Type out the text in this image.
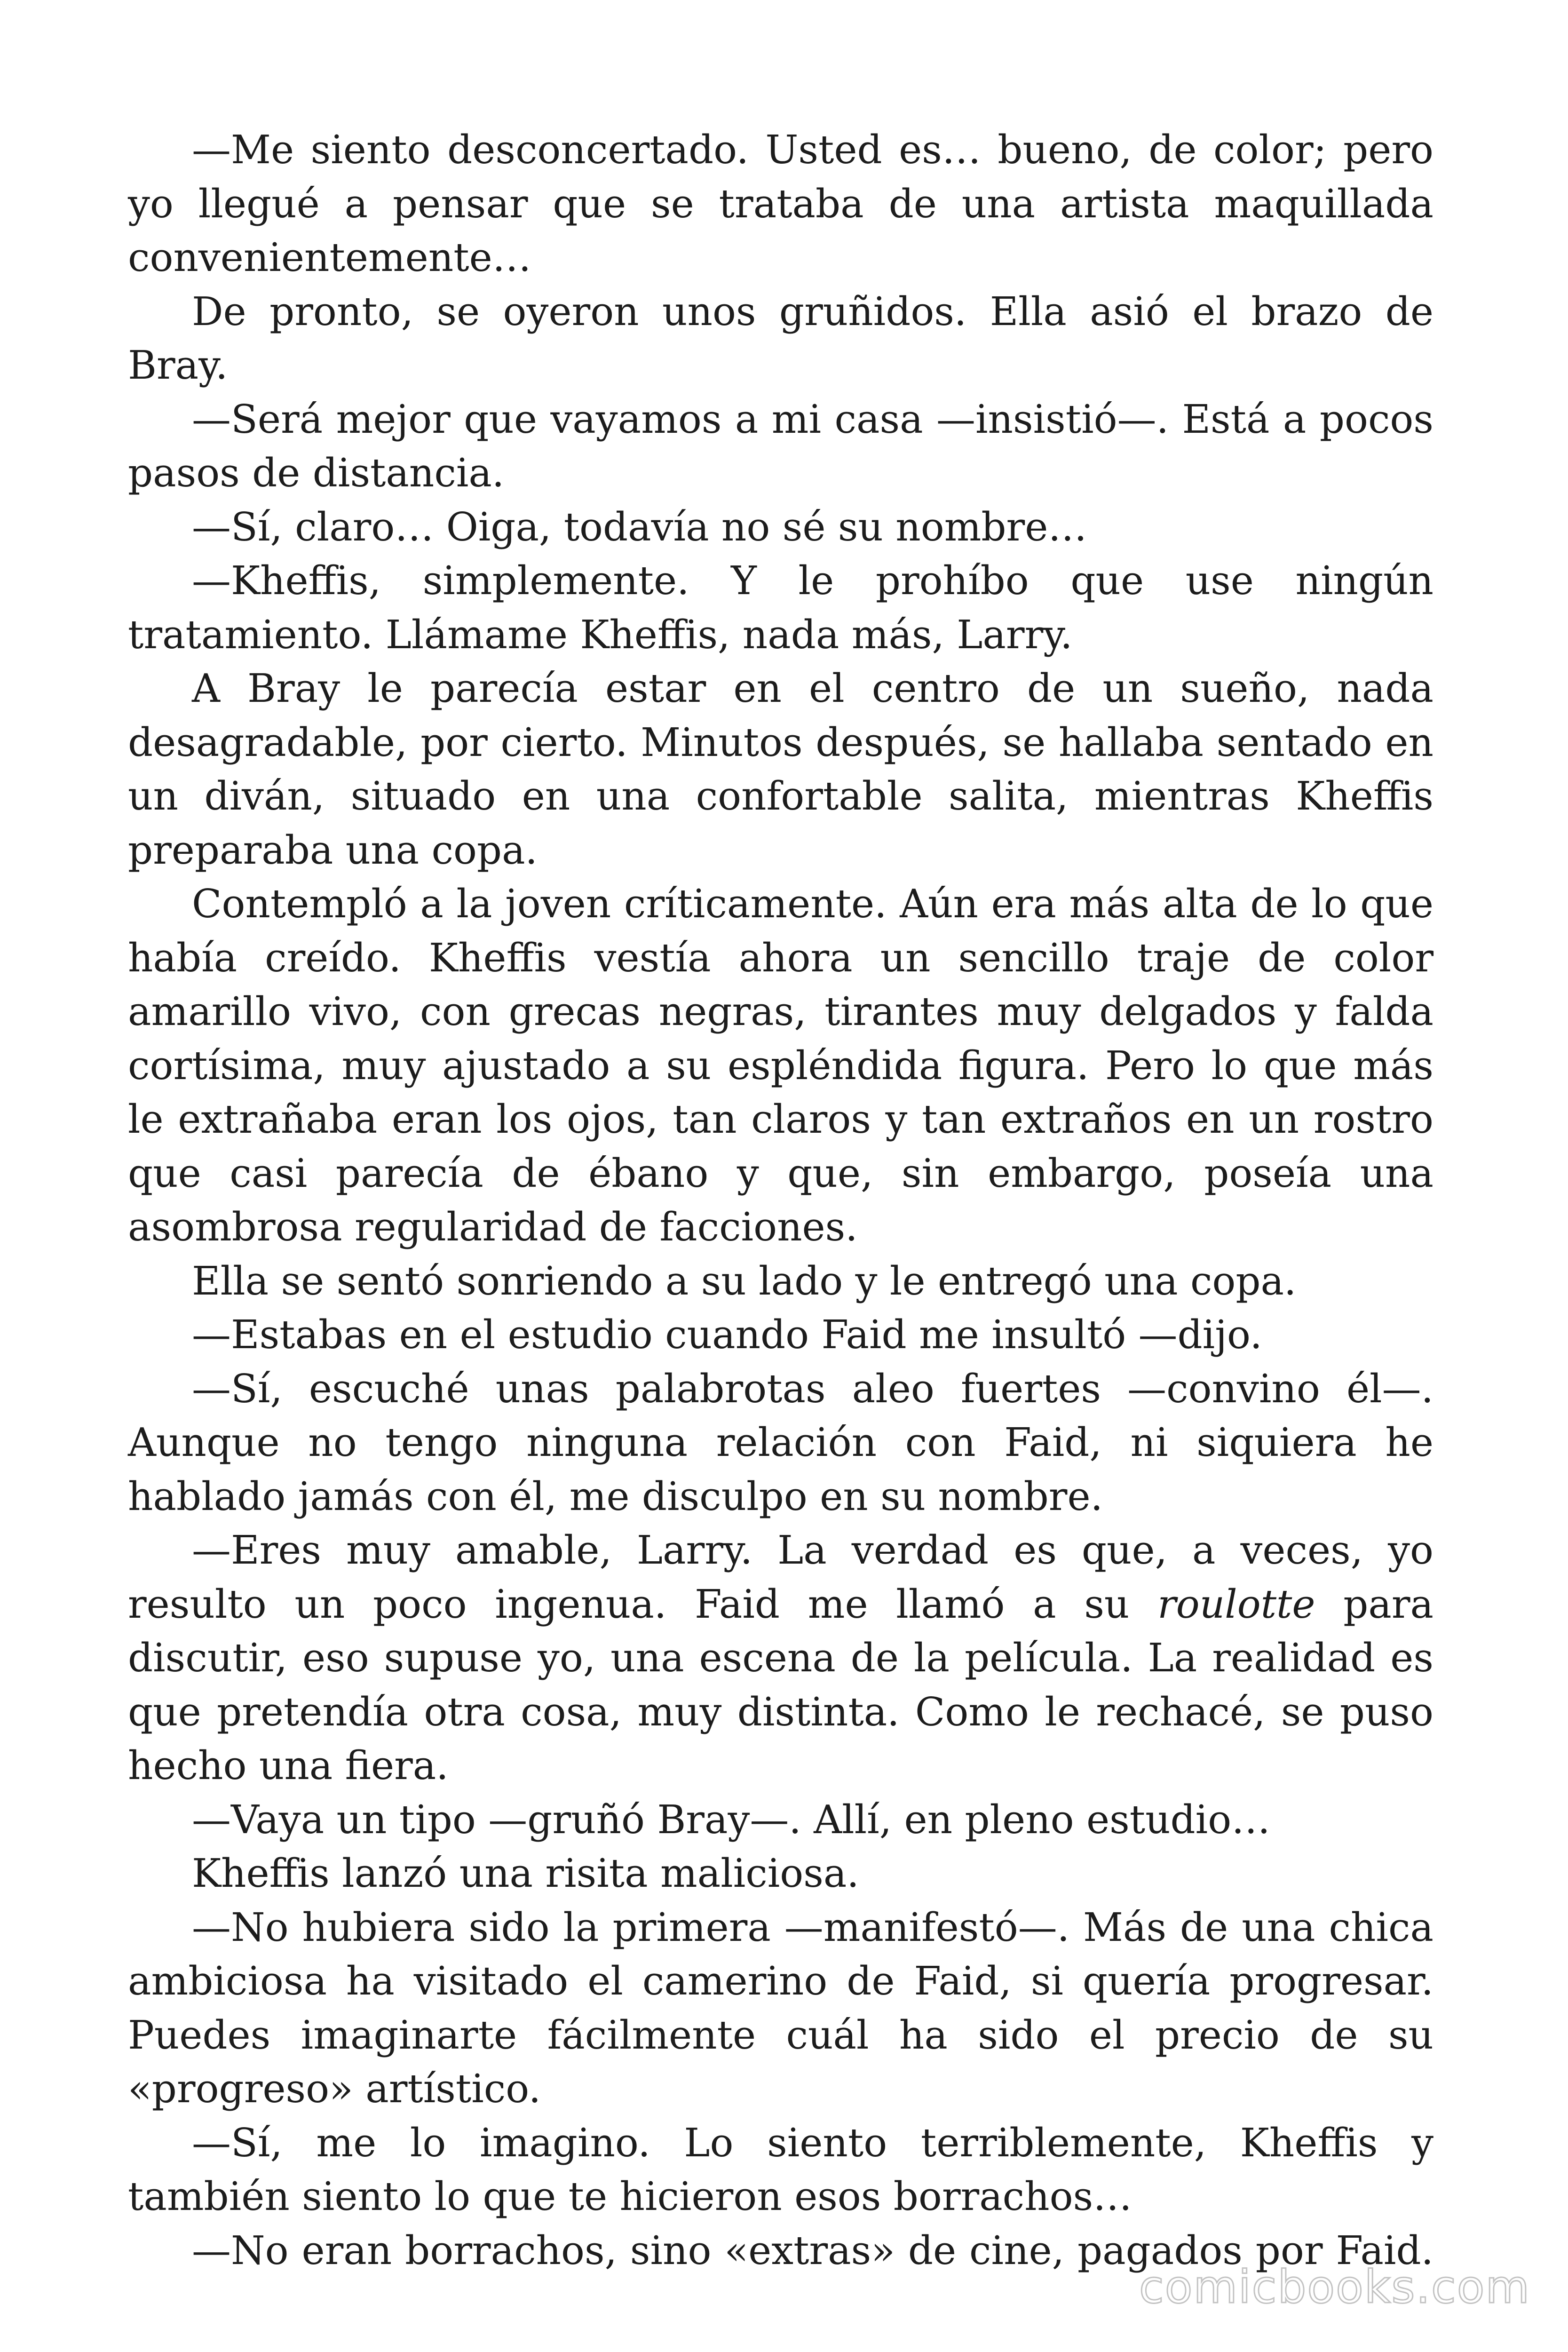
—Me siento desconcertado. Usted es… bueno, de color; pero yo llegué a pensar que se trataba de una artista maquillada convenientemente…

De pronto, se oyeron unos gruñidos. Ella asió el brazo de Bray.

—Será mejor que vayamos a mi casa —insistió—. Está a pocos pasos de distancia.

—Sí, claro… Oiga, todavía no sé su nombre…

—Kheffis, simplemente. Y le prohíbo que use ningún tratamiento. Llámame Kheffis, nada más, Larry.

A Bray le parecía estar en el centro de un sueño, nada desagradable, por cierto. Minutos después, se hallaba sentado en un diván, situado en una confortable salita, mientras Kheffis preparaba una copa.

Contempló a la joven críticamente. Aún era más alta de lo que había creído. Kheffis vestía ahora un sencillo traje de color amarillo vivo, con grecas negras, tirantes muy delgados y falda cortísima, muy ajustado a su espléndida figura. Pero lo que más le extrañaba eran los ojos, tan claros y tan extraños en un rostro que casi parecía de ébano y que, sin embargo, poseía una asombrosa regularidad de facciones.

Ella se sentó sonriendo a su lado y le entregó una copa.

—Estabas en el estudio cuando Faid me insultó —dijo.

—Sí, escuché unas palabrotas aleo fuertes —convino él—. Aunque no tengo ninguna relación con Faid, ni siquiera he hablado jamás con él, me disculpo en su nombre.

—Eres muy amable, Larry. La verdad es que, a veces, yo resulto un poco ingenua. Faid me llamó a su roulotte para discutir, eso supuse yo, una escena de la película. La realidad es que pretendía otra cosa, muy distinta. Como le rechacé, se puso hecho una fiera.

—Vaya un tipo —gruñó Bray—. Allí, en pleno estudio…

Kheffis lanzó una risita maliciosa.

—No hubiera sido la primera —manifestó—. Más de una chica ambiciosa ha visitado el camerino de Faid, si quería progresar. Puedes imaginarte fácilmente cuál ha sido el precio de su «progreso» artístico.

—Sí, me lo imagino. Lo siento terriblemente, Kheffis y también siento lo que te hicieron esos borrachos…

—No eran borrachos, sino «extras» de cine, pagados por Faid.

comicbooks.com
